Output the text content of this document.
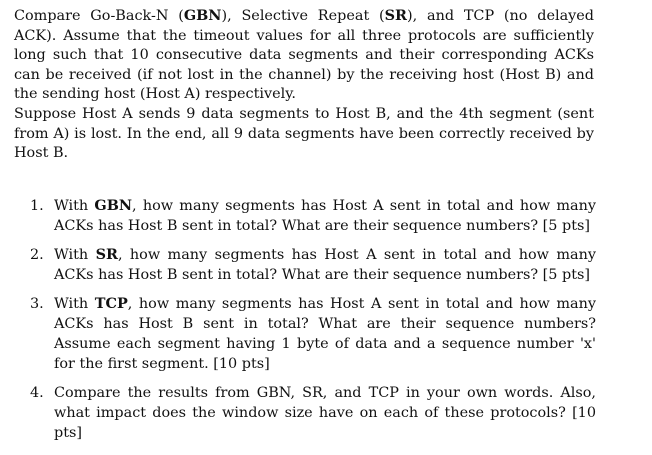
Compare Go-Back-N (GBN), Selective Repeat (SR), and TCP (no delayed ACK). Assume that the timeout values for all three protocols are sufficiently long such that 10 consecutive data segments and their corresponding ACKs can be received (if not lost in the channel) by the receiving host (Host B) and the sending host (Host A) respectively.

Suppose Host A sends 9 data segments to Host B, and the 4th segment (sent from A) is lost. In the end, all 9 data segments have been correctly received by Host B.

1. With GBN, how many segments has Host A sent in total and how many ACKs has Host B sent in total? What are their sequence numbers? [5 pts]
2. With SR, how many segments has Host A sent in total and how many ACKs has Host B sent in total? What are their sequence numbers? [5 pts]
3. With TCP, how many segments has Host A sent in total and how many ACKs has Host B sent in total? What are their sequence numbers? Assume each segment having 1 byte of data and a sequence number 'x' for the first segment. [10 pts]
4. Compare the results from GBN, SR, and TCP in your own words. Also, what impact does the window size have on each of these protocols? [10 pts]
